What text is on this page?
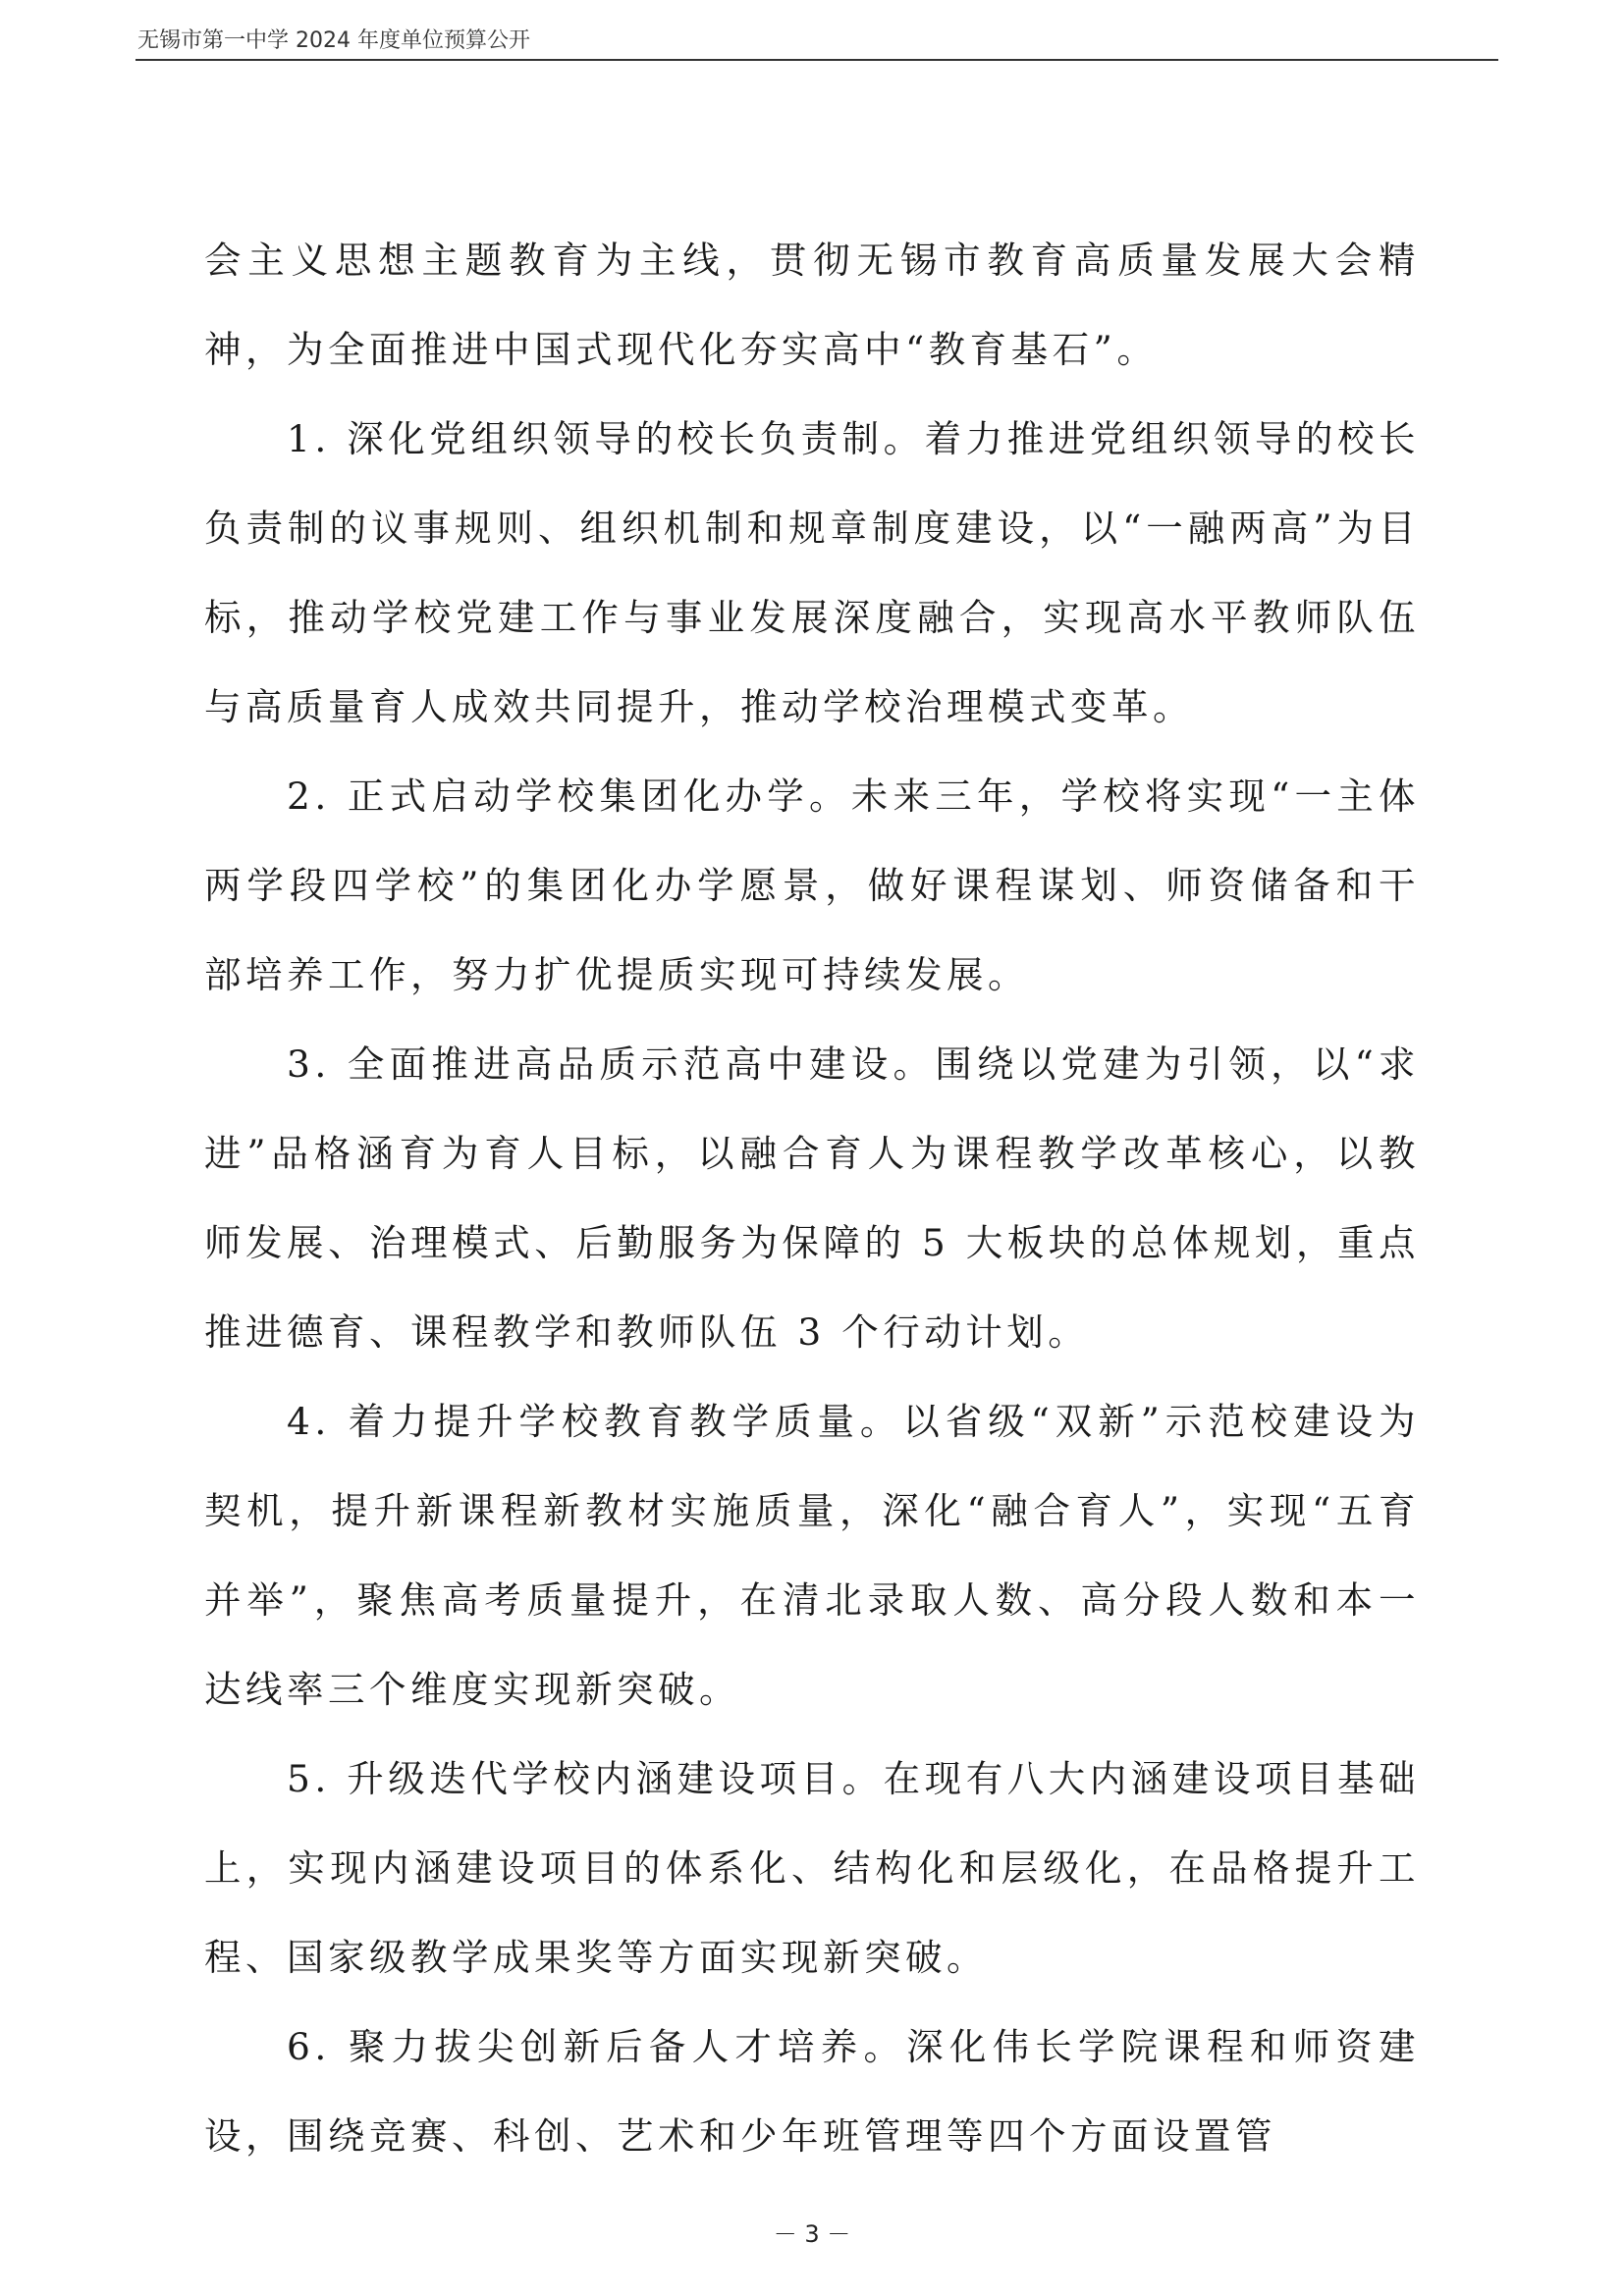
无锡市第一中学 2024 年度单位预算公开

会主义思想主题教育为主线，贯彻无锡市教育高质量发展大会精神，为全面推进中国式现代化夯实高中“教育基石”。

1. 深化党组织领导的校长负责制。着力推进党组织领导的校长负责制的议事规则、组织机制和规章制度建设，以“一融两高”为目标，推动学校党建工作与事业发展深度融合，实现高水平教师队伍与高质量育人成效共同提升，推动学校治理模式变革。

2. 正式启动学校集团化办学。未来三年，学校将实现“一主体两学段四学校”的集团化办学愿景，做好课程谋划、师资储备和干部培养工作，努力扩优提质实现可持续发展。

3. 全面推进高品质示范高中建设。围绕以党建为引领，以“求进”品格涵育为育人目标，以融合育人为课程教学改革核心，以教师发展、治理模式、后勤服务为保障的 5 大板块的总体规划，重点推进德育、课程教学和教师队伍 3 个行动计划。

4. 着力提升学校教育教学质量。以省级“双新”示范校建设为契机，提升新课程新教材实施质量，深化“融合育人”，实现“五育并举”，聚焦高考质量提升，在清北录取人数、高分段人数和本一达线率三个维度实现新突破。

5. 升级迭代学校内涵建设项目。在现有八大内涵建设项目基础上，实现内涵建设项目的体系化、结构化和层级化，在品格提升工程、国家级教学成果奖等方面实现新突破。

6. 聚力拔尖创新后备人才培养。深化伟长学院课程和师资建设，围绕竞赛、科创、艺术和少年班管理等四个方面设置管

－ 3 －
